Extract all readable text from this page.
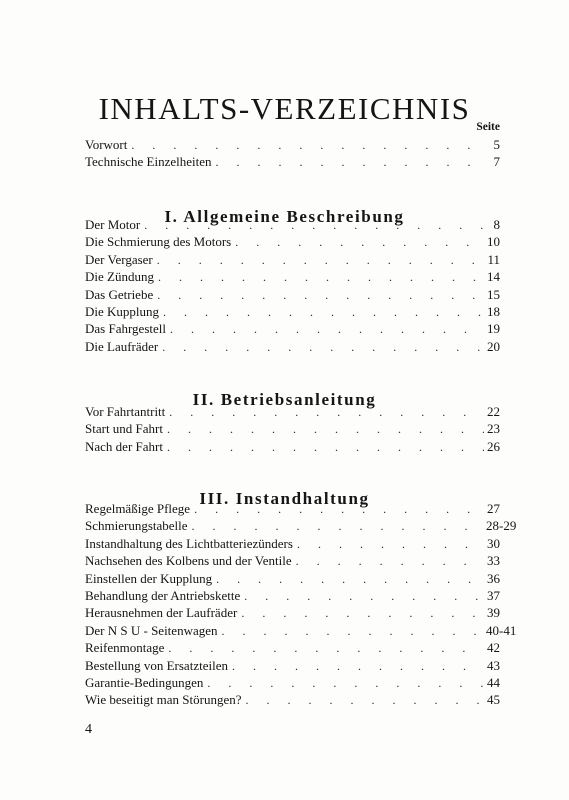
INHALTS-VERZEICHNIS
Seite
Vorwort . . .	5
Technische Einzelheiten . . .	7
I. Allgemeine Beschreibung
Der Motor . . .	8
Die Schmierung des Motors . . .	10
Der Vergaser . . .	11
Die Zündung . . .	14
Das Getriebe . . .	15
Die Kupplung . . .	18
Das Fahrgestell . . .	19
Die Laufräder . . .	20
II. Betriebsanleitung
Vor Fahrtantritt . . .	22
Start und Fahrt . . .	23
Nach der Fahrt . . .	26
III. Instandhaltung
Regelmäßige Pflege . . .	27
Schmierungstabelle . . .	28-29
Instandhaltung des Lichtbatteriezünders . . .	30
Nachsehen des Kolbens und der Ventile . . .	33
Einstellen der Kupplung . . .	36
Behandlung der Antriebskette . . .	37
Herausnehmen der Laufräder . . .	39
Der N S U - Seitenwagen . . .	40-41
Reifenmontage . . .	42
Bestellung von Ersatzteilen . . .	43
Garantie-Bedingungen . . .	44
Wie beseitigt man Störungen? . . .	45
4
